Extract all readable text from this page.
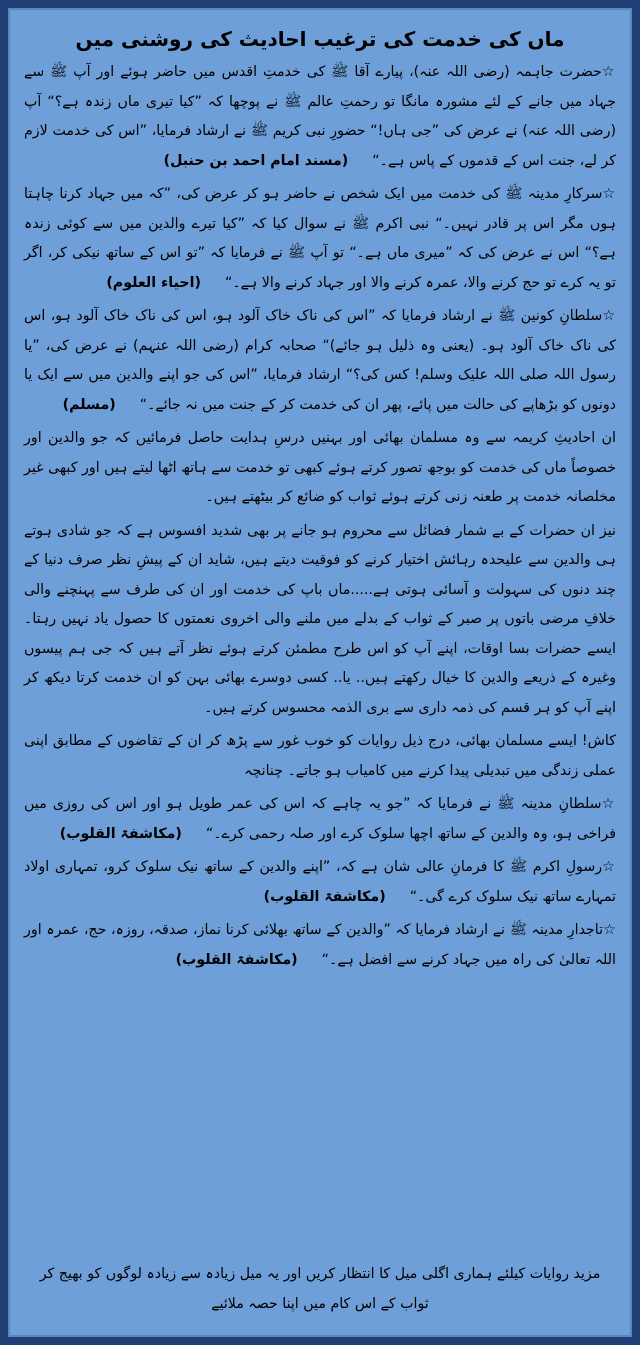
ماں کی خدمت کی ترغیب احادیث کی روشنی میں

☆حضرت جاہمہ (رضی اللہ عنہ)، پیارے آقا ﷺ کی خدمتِ اقدس میں حاضر ہوئے اور آپ ﷺ سے جہاد میں جانے کے لئے مشورہ مانگا تو رحمتِ عالم ﷺ نے پوچھا کہ ”کیا تیری ماں زندہ ہے؟“ آپ (رضی اللہ عنہ) نے عرض کی ”جی ہاں!“ حضورِ نبی کریم ﷺ نے ارشاد فرمایا، ”اس کی خدمت لازم کر لے، جنت اس کے قدموں کے پاس ہے۔“(مسند امام احمد بن حنبل)

☆سرکارِ مدینہ ﷺ کی خدمت میں ایک شخص نے حاضر ہو کر عرض کی، ”کہ میں جہاد کرنا چاہتا ہوں مگر اس پر قادر نہیں۔“ نبی اکرم ﷺ نے سوال کیا کہ ”کیا تیرے والدین میں سے کوئی زندہ ہے؟“ اس نے عرض کی کہ ”میری ماں ہے۔“ تو آپ ﷺ نے فرمایا کہ ”تو اس کے ساتھ نیکی کر، اگر تو یہ کرے تو حج کرنے والا، عمرہ کرنے والا اور جہاد کرنے والا ہے۔“(احیاء العلوم)

☆سلطانِ کونین ﷺ نے ارشاد فرمایا کہ ”اس کی ناک خاک آلود ہو، اس کی ناک خاک آلود ہو، اس کی ناک خاک آلود ہو۔ (یعنی وہ ذلیل ہو جائے)“ صحابہ کرام (رضی اللہ عنہم) نے عرض کی، ”یا رسول اللہ صلی اللہ علیک وسلم! کس کی؟“ ارشاد فرمایا، ”اس کی جو اپنے والدین میں سے ایک یا دونوں کو بڑھاپے کی حالت میں پائے، پھر ان کی خدمت کر کے جنت میں نہ جائے۔“(مسلم)

ان احادیثِ کریمہ سے وہ مسلمان بھائی اور بہنیں درسِ ہدایت حاصل فرمائیں کہ جو والدین اور خصوصاً ماں کی خدمت کو بوجھ تصور کرتے ہوئے کبھی تو خدمت سے ہاتھ اٹھا لیتے ہیں اور کبھی غیر مخلصانہ خدمت پر طعنہ زنی کرتے ہوئے ثواب کو ضائع کر بیٹھتے ہیں۔

نیز ان حضرات کے بے شمار فضائل سے محروم ہو جانے پر بھی شدید افسوس ہے کہ جو شادی ہوتے ہی والدین سے علیحدہ رہائش اختیار کرنے کو فوقیت دیتے ہیں، شاید ان کے پیشِ نظر صرف دنیا کے چند دنوں کی سہولت و آسائی ہوتی ہے.....ماں باپ کی خدمت اور ان کی طرف سے پہنچنے والی خلافِ مرضی باتوں پر صبر کے ثواب کے بدلے میں ملنے والی اخروی نعمتوں کا حصول یاد نہیں رہتا۔ ایسے حضرات بسا اوقات، اپنے آپ کو اس طرح مطمئن کرتے ہوئے نظر آتے ہیں کہ جی ہم پیسوں وغیرہ کے ذریعے والدین کا خیال رکھتے ہیں.. یا.. کسی دوسرے بھائی بہن کو ان خدمت کرتا دیکھ کر اپنے آپ کو ہر قسم کی ذمہ داری سے بری الذمہ محسوس کرتے ہیں۔

کاش! ایسے مسلمان بھائی، درج ذیل روایات کو خوب غور سے پڑھ کر ان کے تقاضوں کے مطابق اپنی عملی زندگی میں تبدیلی پیدا کرنے میں کامیاب ہو جاتے۔ چنانچہ

☆سلطانِ مدینہ ﷺ نے فرمایا کہ ”جو یہ چاہے کہ اس کی عمر طویل ہو اور اس کی روزی میں فراخی ہو، وہ والدین کے ساتھ اچھا سلوک کرے اور صلہ رحمی کرے۔“(مکاشفۃ القلوب)

☆رسولِ اکرم ﷺ کا فرمانِ عالی شان ہے کہ، ”اپنے والدین کے ساتھ نیک سلوک کرو، تمہاری اولاد تمہارے ساتھ نیک سلوک کرے گی۔“(مکاشفۃ القلوب)

☆تاجدارِ مدینہ ﷺ نے ارشاد فرمایا کہ ”والدین کے ساتھ بھلائی کرنا نماز، صدقہ، روزہ، حج، عمرہ اور اللہ تعالیٰ کی راہ میں جہاد کرنے سے افضل ہے۔“(مکاشفۃ القلوب)

مزید روایات کیلئے ہماری اگلی میل کا انتظار کریں اور یہ میل زیادہ سے زیادہ لوگوں کو بھیج کر ثواب کے اس کام میں اپنا حصہ ملائیے
